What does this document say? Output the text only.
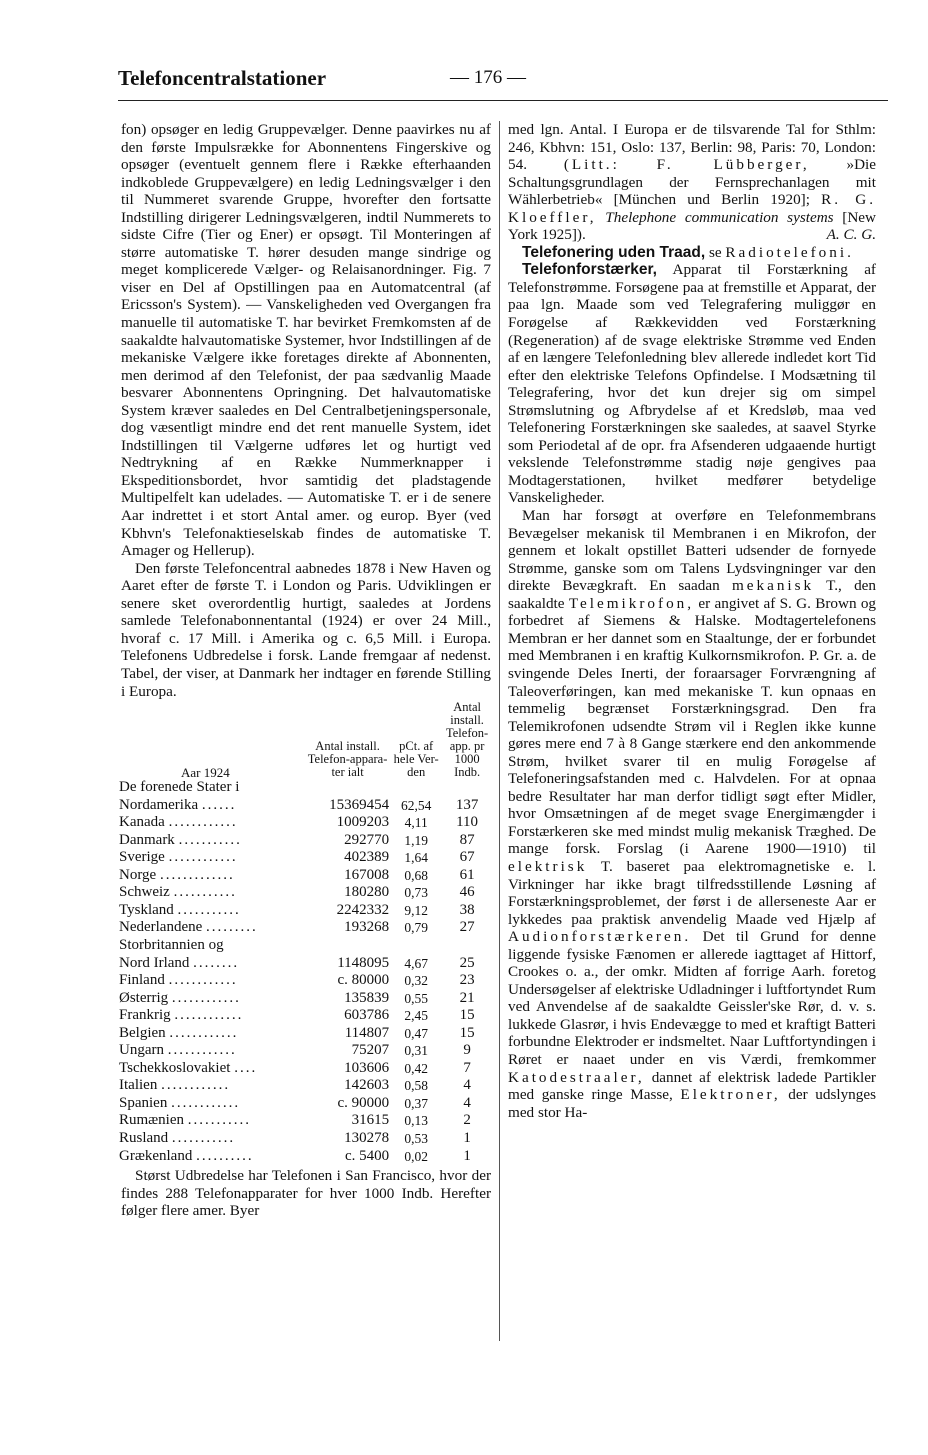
Telefoncentralstationer	— 176 —

fon) opsøger en ledig Gruppevælger. Denne paavirkes nu af den første Impulsrække for Abonnentens Fingerskive og opsøger (eventuelt gennem flere i Række efterhaanden indkoblede Gruppevælgere) en ledig Ledningsvælger i den til Nummeret svarende Gruppe, hvorefter den fortsatte Indstilling dirigerer Ledningsvælgeren, indtil Nummerets to sidste Cifre (Tier og Ener) er opsøgt. Til Monteringen af større automatiske T. hører desuden mange sindrige og meget komplicerede Vælger- og Relaisanordninger. Fig. 7 viser en Del af Opstillingen paa en Automatcentral (af Ericsson's System). — Vanskeligheden ved Overgangen fra manuelle til automatiske T. har bevirket Fremkomsten af de saakaldte halvautomatiske Systemer, hvor Indstillingen af de mekaniske Vælgere ikke foretages direkte af Abonnenten, men derimod af den Telefonist, der paa sædvanlig Maade besvarer Abonnentens Opringning. Det halvautomatiske System kræver saaledes en Del Centralbetjeningspersonale, dog væsentligt mindre end det rent manuelle System, idet Indstillingen til Vælgerne udføres let og hurtigt ved Nedtrykning af en Række Nummerknapper i Ekspeditionsbordet, hvor samtidig det pladstagende Multipelfelt kan udelades. — Automatiske T. er i de senere Aar indrettet i et stort Antal amer. og europ. Byer (ved Kbhvn's Telefonaktieselskab findes de automatiske T. Amager og Hellerup).

Den første Telefoncentral aabnedes 1878 i New Haven og Aaret efter de første T. i London og Paris. Udviklingen er senere sket overordentlig hurtigt, saaledes at Jordens samlede Telefonabonnentantal (1924) er over 24 Mill., hvoraf c. 17 Mill. i Amerika og c. 6,5 Mill. i Europa. Telefonens Udbredelse i forsk. Lande fremgaar af nedenst. Tabel, der viser, at Danmark her indtager en førende Stilling i Europa.

Aar 1924	Antal install. Telefon-appara-ter ialt	pCt. af hele Ver-den	Antal install. Telefon-app. pr 1000 Indb.
De forenede Stater i			
Nordamerika ......	15369454	62,54	137
Kanada ............	1009203	4,11	110
Danmark ...........	292770	1,19	87
Sverige ............	402389	1,64	67
Norge .............	167008	0,68	61
Schweiz ...........	180280	0,73	46
Tyskland ...........	2242332	9,12	38
Nederlandene .........	193268	0,79	27
Storbritannien og			
Nord Irland ........	1148095	4,67	25
Finland ............	c. 80000	0,32	23
Østerrig ............	135839	0,55	21
Frankrig ............	603786	2,45	15
Belgien ............	114807	0,47	15
Ungarn ............	75207	0,31	9
Tschekkoslovakiet ....	103606	0,42	7
Italien ............	142603	0,58	4
Spanien ............	c. 90000	0,37	4
Rumænien ...........	31615	0,13	2
Rusland ...........	130278	0,53	1
Grækenland ..........	c. 5400	0,02	1

Størst Udbredelse har Telefonen i San Francisco, hvor der findes 288 Telefonapparater for hver 1000 Indb. Herefter følger flere amer. Byer

med lgn. Antal. I Europa er de tilsvarende Tal for Sthlm: 246, Kbhvn: 151, Oslo: 137, Berlin: 98, Paris: 70, London: 54. (Litt.: F. Lübberger, »Die Schaltungsgrundlagen der Fernsprechanlagen mit Wählerbetrieb« [München und Berlin 1920]; R. G. Kloeffler, Thelephone communication systems [New York 1925]).	A. C. G.

Telefonering uden Traad, se Radiotelefoni.

Telefonforstærker, Apparat til Forstærkning af Telefonstrømme. Forsøgene paa at fremstille et Apparat, der paa lgn. Maade som ved Telegrafering muliggør en Forøgelse af Rækkevidden ved Forstærkning (Regeneration) af de svage elektriske Strømme ved Enden af en længere Telefonledning blev allerede indledet kort Tid efter den elektriske Telefons Opfindelse. I Modsætning til Telegrafering, hvor det kun drejer sig om simpel Strømslutning og Afbrydelse af et Kredsløb, maa ved Telefonering Forstærkningen ske saaledes, at saavel Styrke som Periodetal af de opr. fra Afsenderen udgaaende hurtigt vekslende Telefonstrømme stadig nøje gengives paa Modtagerstationen, hvilket medfører betydelige Vanskeligheder.

Man har forsøgt at overføre en Telefonmembrans Bevægelser mekanisk til Membranen i en Mikrofon, der gennem et lokalt opstillet Batteri udsender de fornyede Strømme, ganske som om Talens Lydsvingninger var den direkte Bevægkraft. En saadan mekanisk T., den saakaldte Telemikrofon, er angivet af S. G. Brown og forbedret af Siemens & Halske. Modtagertelefonens Membran er her dannet som en Staaltunge, der er forbundet med Membranen i en kraftig Kulkornsmikrofon. P. Gr. a. de svingende Deles Inerti, der foraarsager Forvrængning af Taleoverføringen, kan med mekaniske T. kun opnaas en temmelig begrænset Forstærkningsgrad. Den fra Telemikrofonen udsendte Strøm vil i Reglen ikke kunne gøres mere end 7 à 8 Gange stærkere end den ankommende Strøm, hvilket svarer til en mulig Forøgelse af Telefoneringsafstanden med c. Halvdelen. For at opnaa bedre Resultater har man derfor tidligt søgt efter Midler, hvor Omsætningen af de meget svage Energimængder i Forstærkeren ske med mindst mulig mekanisk Træghed. De mange forsk. Forslag (i Aarene 1900—1910) til elektrisk T. baseret paa elektromagnetiske e. l. Virkninger har ikke bragt tilfredsstillende Løsning af Forstærkningsproblemet, der først i de allerseneste Aar er lykkedes paa praktisk anvendelig Maade ved Hjælp af Audionforstærkeren. Det til Grund for denne liggende fysiske Fænomen er allerede iagttaget af Hittorf, Crookes o. a., der omkr. Midten af forrige Aarh. foretog Undersøgelser af elektriske Udladninger i luftfortyndet Rum ved Anvendelse af de saakaldte Geissler'ske Rør, d. v. s. lukkede Glasrør, i hvis Endevægge to med et kraftigt Batteri forbundne Elektroder er indsmeltet. Naar Luftfortyndingen i Røret er naaet under en vis Værdi, fremkommer Katodestraaler, dannet af elektrisk ladede Partikler med ganske ringe Masse, Elektroner, der udslynges med stor Ha-
